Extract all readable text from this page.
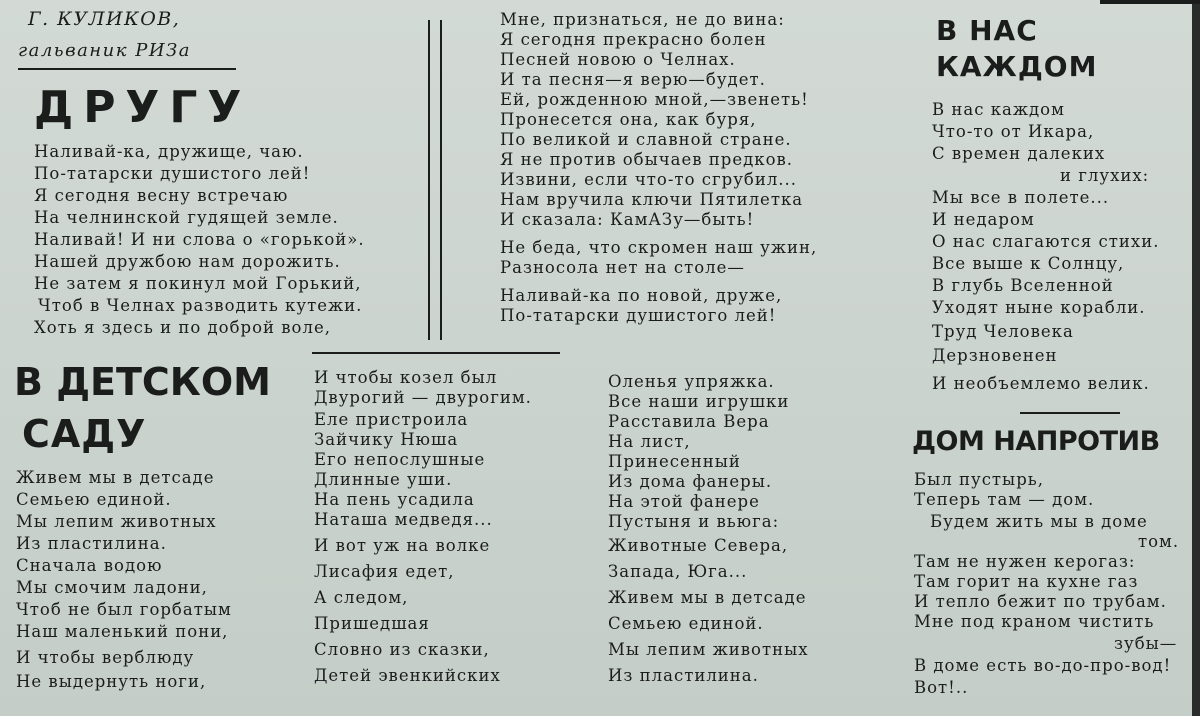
Г. КУЛИКОВ,
гальваник РИЗа
ДРУГУ
Наливай-ка, дружище, чаю.
По-татарски душистого лей!
Я сегодня весну встречаю
На челнинской гудящей земле.
Наливай! И ни слова о «горькой».
Нашей дружбою нам дорожить.
Не затем я покинул мой Горький,
Чтоб в Челнах разводить кутежи.
Хоть я здесь и по доброй воле,
Мне, признаться, не до вина:
Я сегодня прекрасно болен
Песней новою о Челнах.
И та песня—я верю—будет.
Ей, рожденною мной,—звенеть!
Пронесется она, как буря,
По великой и славной стране.
Я не против обычаев предков.
Извини, если что-то сгрубил...
Нам вручила ключи Пятилетка
И сказала: КамАЗу—быть!
Не беда, что скромен наш ужин,
Разносола нет на столе—
Наливай-ка по новой, друже,
По-татарски душистого лей!
В НАС
КАЖДОМ
В нас каждом
Что-то от Икара,
С времен далеких
и глухих:
Мы все в полете...
И недаром
О нас слагаются стихи.
Все выше к Солнцу,
В глубь Вселенной
Уходят ныне корабли.
Труд Человека
Дерзновенен
И необъемлемо велик.
ДОМ НАПРОТИВ
Был пустырь,
Теперь там — дом.
Будем жить мы в доме
том.
Там не нужен керогаз:
Там горит на кухне газ
И тепло бежит по трубам.
Мне под краном чистить
зубы—
В доме есть во-до-про-вод!
Вот!..
В ДЕТСКОМ
САДУ
Живем мы в детсаде
Семьею единой.
Мы лепим животных
Из пластилина.
Сначала водою
Мы смочим ладони,
Чтоб не был горбатым
Наш маленький пони,
И чтобы верблюду
Не выдернуть ноги,
И чтобы козел был
Двурогий — двурогим.
Еле пристроила
Зайчику Нюша
Его непослушные
Длинные уши.
На пень усадила
Наташа медведя...
И вот уж на волке
Лисафия едет,
А следом,
Пришедшая
Словно из сказки,
Детей эвенкийских
Оленья упряжка.
Все наши игрушки
Расставила Вера
На лист,
Принесенный
Из дома фанеры.
На этой фанере
Пустыня и вьюга:
Животные Севера,
Запада, Юга...
Живем мы в детсаде
Семьею единой.
Мы лепим животных
Из пластилина.
